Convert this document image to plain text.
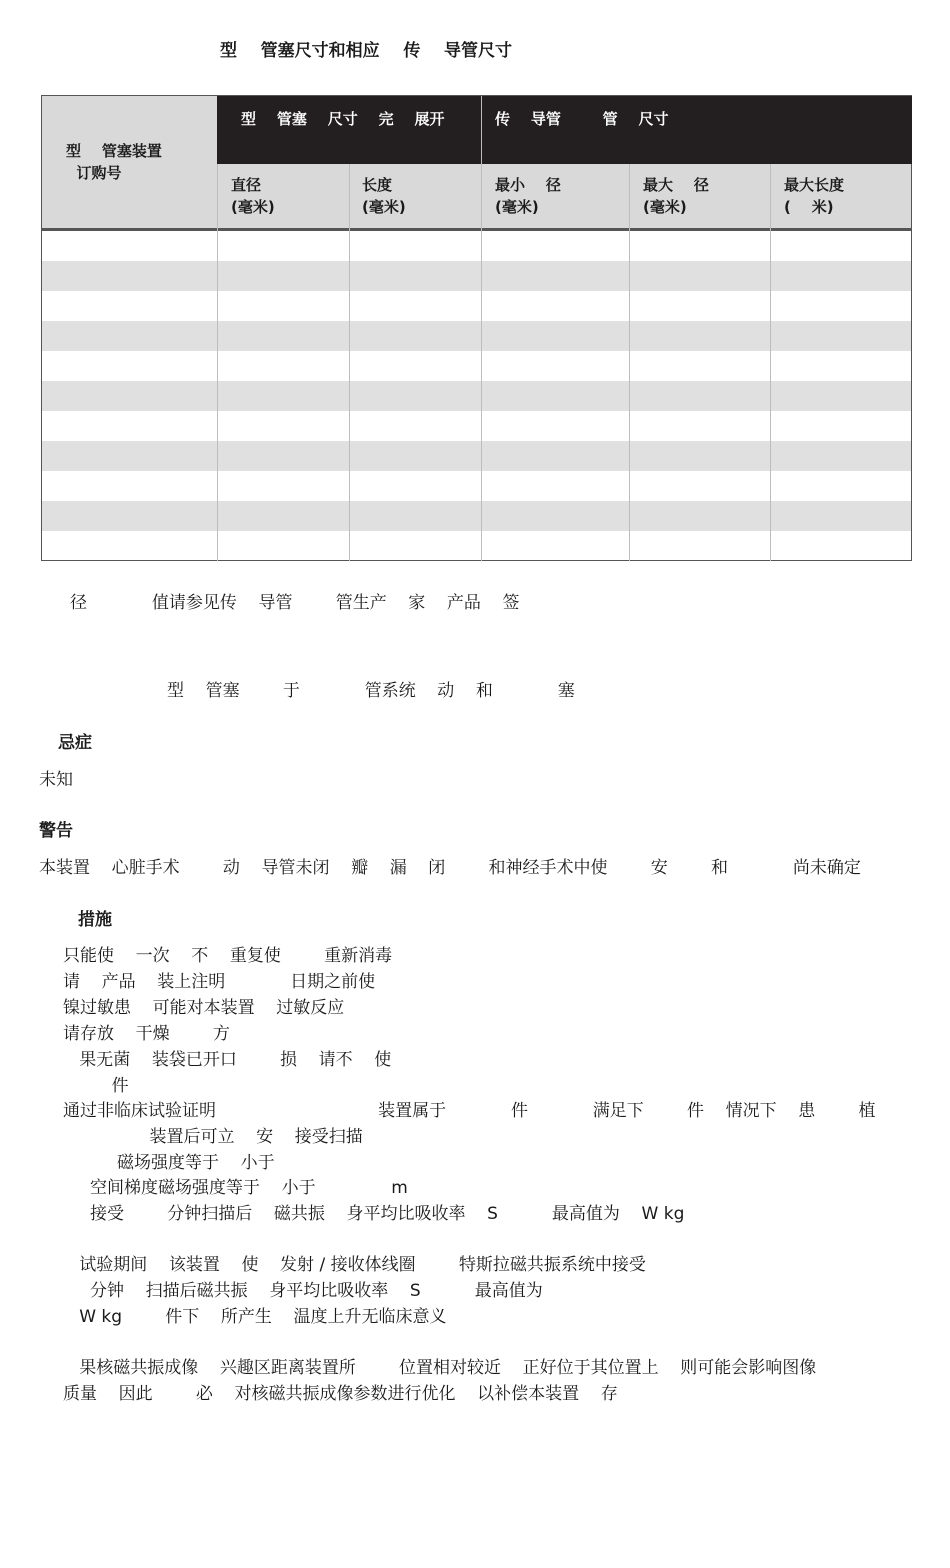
型    管塞尺寸和相应    传    导管尺寸
型    管塞装置
订购号
型    管塞    尺寸    完    展开	传    导管        管    尺寸
直径
(毫米)
长度
(毫米)
最小    径
(毫米)
最大    径
(毫米)
最大长度
(    米)
径            值请参见传    导管        管生产    家    产品    签
型    管塞        于            管系统    动    和            塞
忌症
未知
警告
本装置    心脏手术        动    导管未闭    瓣    漏    闭        和神经手术中使        安        和            尚未确定
措施
只能使    一次    不    重复使        重新消毒
请    产品    装上注明            日期之前使
镍过敏患    可能对本装置    过敏反应
请存放    干燥        方
果无菌    装袋已开口        损    请不    使
件
通过非临床试验证明                              装置属于            件            满足下        件    情况下    患        植
装置后可立    安    接受扫描
磁场强度等于    小于
空间梯度磁场强度等于    小于              m
接受        分钟扫描后    磁共振    身平均比吸收率    S          最高值为    W kg
试验期间    该装置    使    发射 / 接收体线圈        特斯拉磁共振系统中接受
分钟    扫描后磁共振    身平均比吸收率    S          最高值为
W kg        件下    所产生    温度上升无临床意义
果核磁共振成像    兴趣区距离装置所        位置相对较近    正好位于其位置上    则可能会影响图像
质量    因此        必    对核磁共振成像参数进行优化    以补偿本装置    存
